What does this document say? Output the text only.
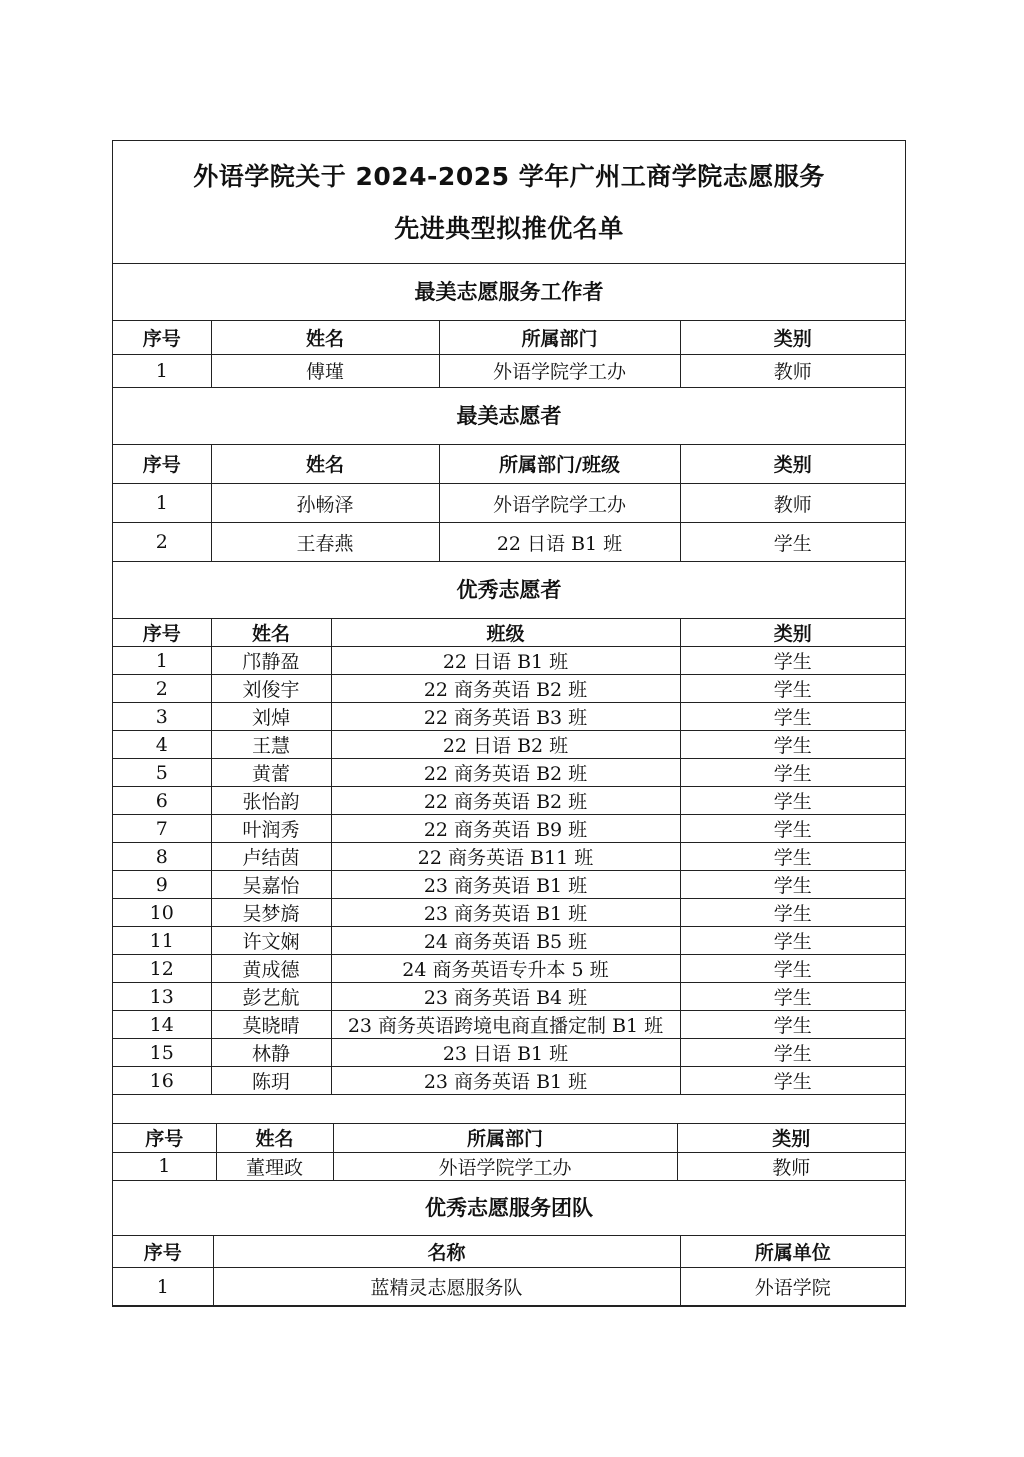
外语学院关于 2024-2025 学年广州工商学院志愿服务
先进典型拟推优名单
最美志愿服务工作者
序号	姓名	所属部门	类别
1	傅瑾	外语学院学工办	教师
最美志愿者
序号	姓名	所属部门/班级	类别
1	孙畅泽	外语学院学工办	教师
2	王春燕	22 日语 B1 班	学生
优秀志愿者
序号	姓名	班级	类别
1	邝静盈	22 日语 B1 班	学生
2	刘俊宇	22 商务英语 B2 班	学生
3	刘焯	22 商务英语 B3 班	学生
4	王慧	22 日语 B2 班	学生
5	黄蕾	22 商务英语 B2 班	学生
6	张怡韵	22 商务英语 B2 班	学生
7	叶润秀	22 商务英语 B9 班	学生
8	卢结茵	22 商务英语 B11 班	学生
9	吴嘉怡	23 商务英语 B1 班	学生
10	吴梦旖	23 商务英语 B1 班	学生
11	许文娴	24 商务英语 B5 班	学生
12	黄成德	24 商务英语专升本 5 班	学生
13	彭艺航	23 商务英语 B4 班	学生
14	莫晓晴	23 商务英语跨境电商直播定制 B1 班	学生
15	林静	23 日语 B1 班	学生
16	陈玥	23 商务英语 B1 班	学生
序号	姓名	所属部门	类别
1	董理政	外语学院学工办	教师
优秀志愿服务团队
序号	名称	所属单位
1	蓝精灵志愿服务队	外语学院
